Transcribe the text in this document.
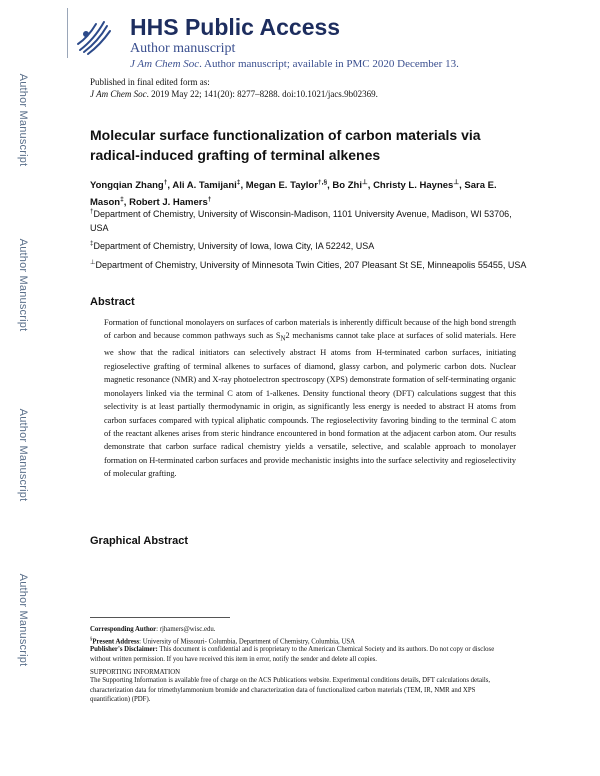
Author Manuscript
Author Manuscript
Author Manuscript
Author Manuscript
HHS Public Access
Author manuscript
J Am Chem Soc. Author manuscript; available in PMC 2020 December 13.
Published in final edited form as:
J Am Chem Soc. 2019 May 22; 141(20): 8277–8288. doi:10.1021/jacs.9b02369.
Molecular surface functionalization of carbon materials via radical-induced grafting of terminal alkenes
Yongqian Zhang†, Ali A. Tamijani‡, Megan E. Taylor†,§, Bo Zhi⊥, Christy L. Haynes⊥, Sara E. Mason‡, Robert J. Hamers†
†Department of Chemistry, University of Wisconsin-Madison, 1101 University Avenue, Madison, WI 53706, USA
‡Department of Chemistry, University of Iowa, Iowa City, IA 52242, USA
⊥Department of Chemistry, University of Minnesota Twin Cities, 207 Pleasant St SE, Minneapolis 55455, USA
Abstract
Formation of functional monolayers on surfaces of carbon materials is inherently difficult because of the high bond strength of carbon and because common pathways such as $S_N2$ mechanisms cannot take place at surfaces of solid materials. Here we show that the radical initiators can selectively abstract H atoms from H-terminated carbon surfaces, initiating regioselective grafting of terminal alkenes to surfaces of diamond, glassy carbon, and polymeric carbon dots. Nuclear magnetic resonance (NMR) and X-ray photoelectron spectroscopy (XPS) demonstrate formation of self-terminating organic monolayers linked via the terminal C atom of 1-alkenes. Density functional theory (DFT) calculations suggest that this selectivity is at least partially thermodynamic in origin, as significantly less energy is needed to abstract H atoms from carbon surfaces compared with typical aliphatic compounds. The regioselectivity favoring binding to the terminal C atom of the reactant alkenes arises from steric hindrance encountered in bond formation at the adjacent carbon atom. Our results demonstrate that carbon surface radical chemistry yields a versatile, selective, and scalable approach to monolayer formation on H-terminated carbon surfaces and provide mechanistic insights into the surface selectivity and regioselectivity of molecular grafting.
Graphical Abstract
Corresponding Author: rjhamers@wisc.edu.
§Present Address: University of Missouri- Columbia, Department of Chemistry, Columbia, USA
Publisher's Disclaimer: This document is confidential and is proprietary to the American Chemical Society and its authors. Do not copy or disclose without written permission. If you have received this item in error, notify the sender and delete all copies.
SUPPORTING INFORMATION
The Supporting Information is available free of charge on the ACS Publications website. Experimental conditions details, DFT calculations details, characterization data for trimethylammonium bromide and characterization data of functionalized carbon materials (TEM, IR, NMR and XPS quantification) (PDF).
